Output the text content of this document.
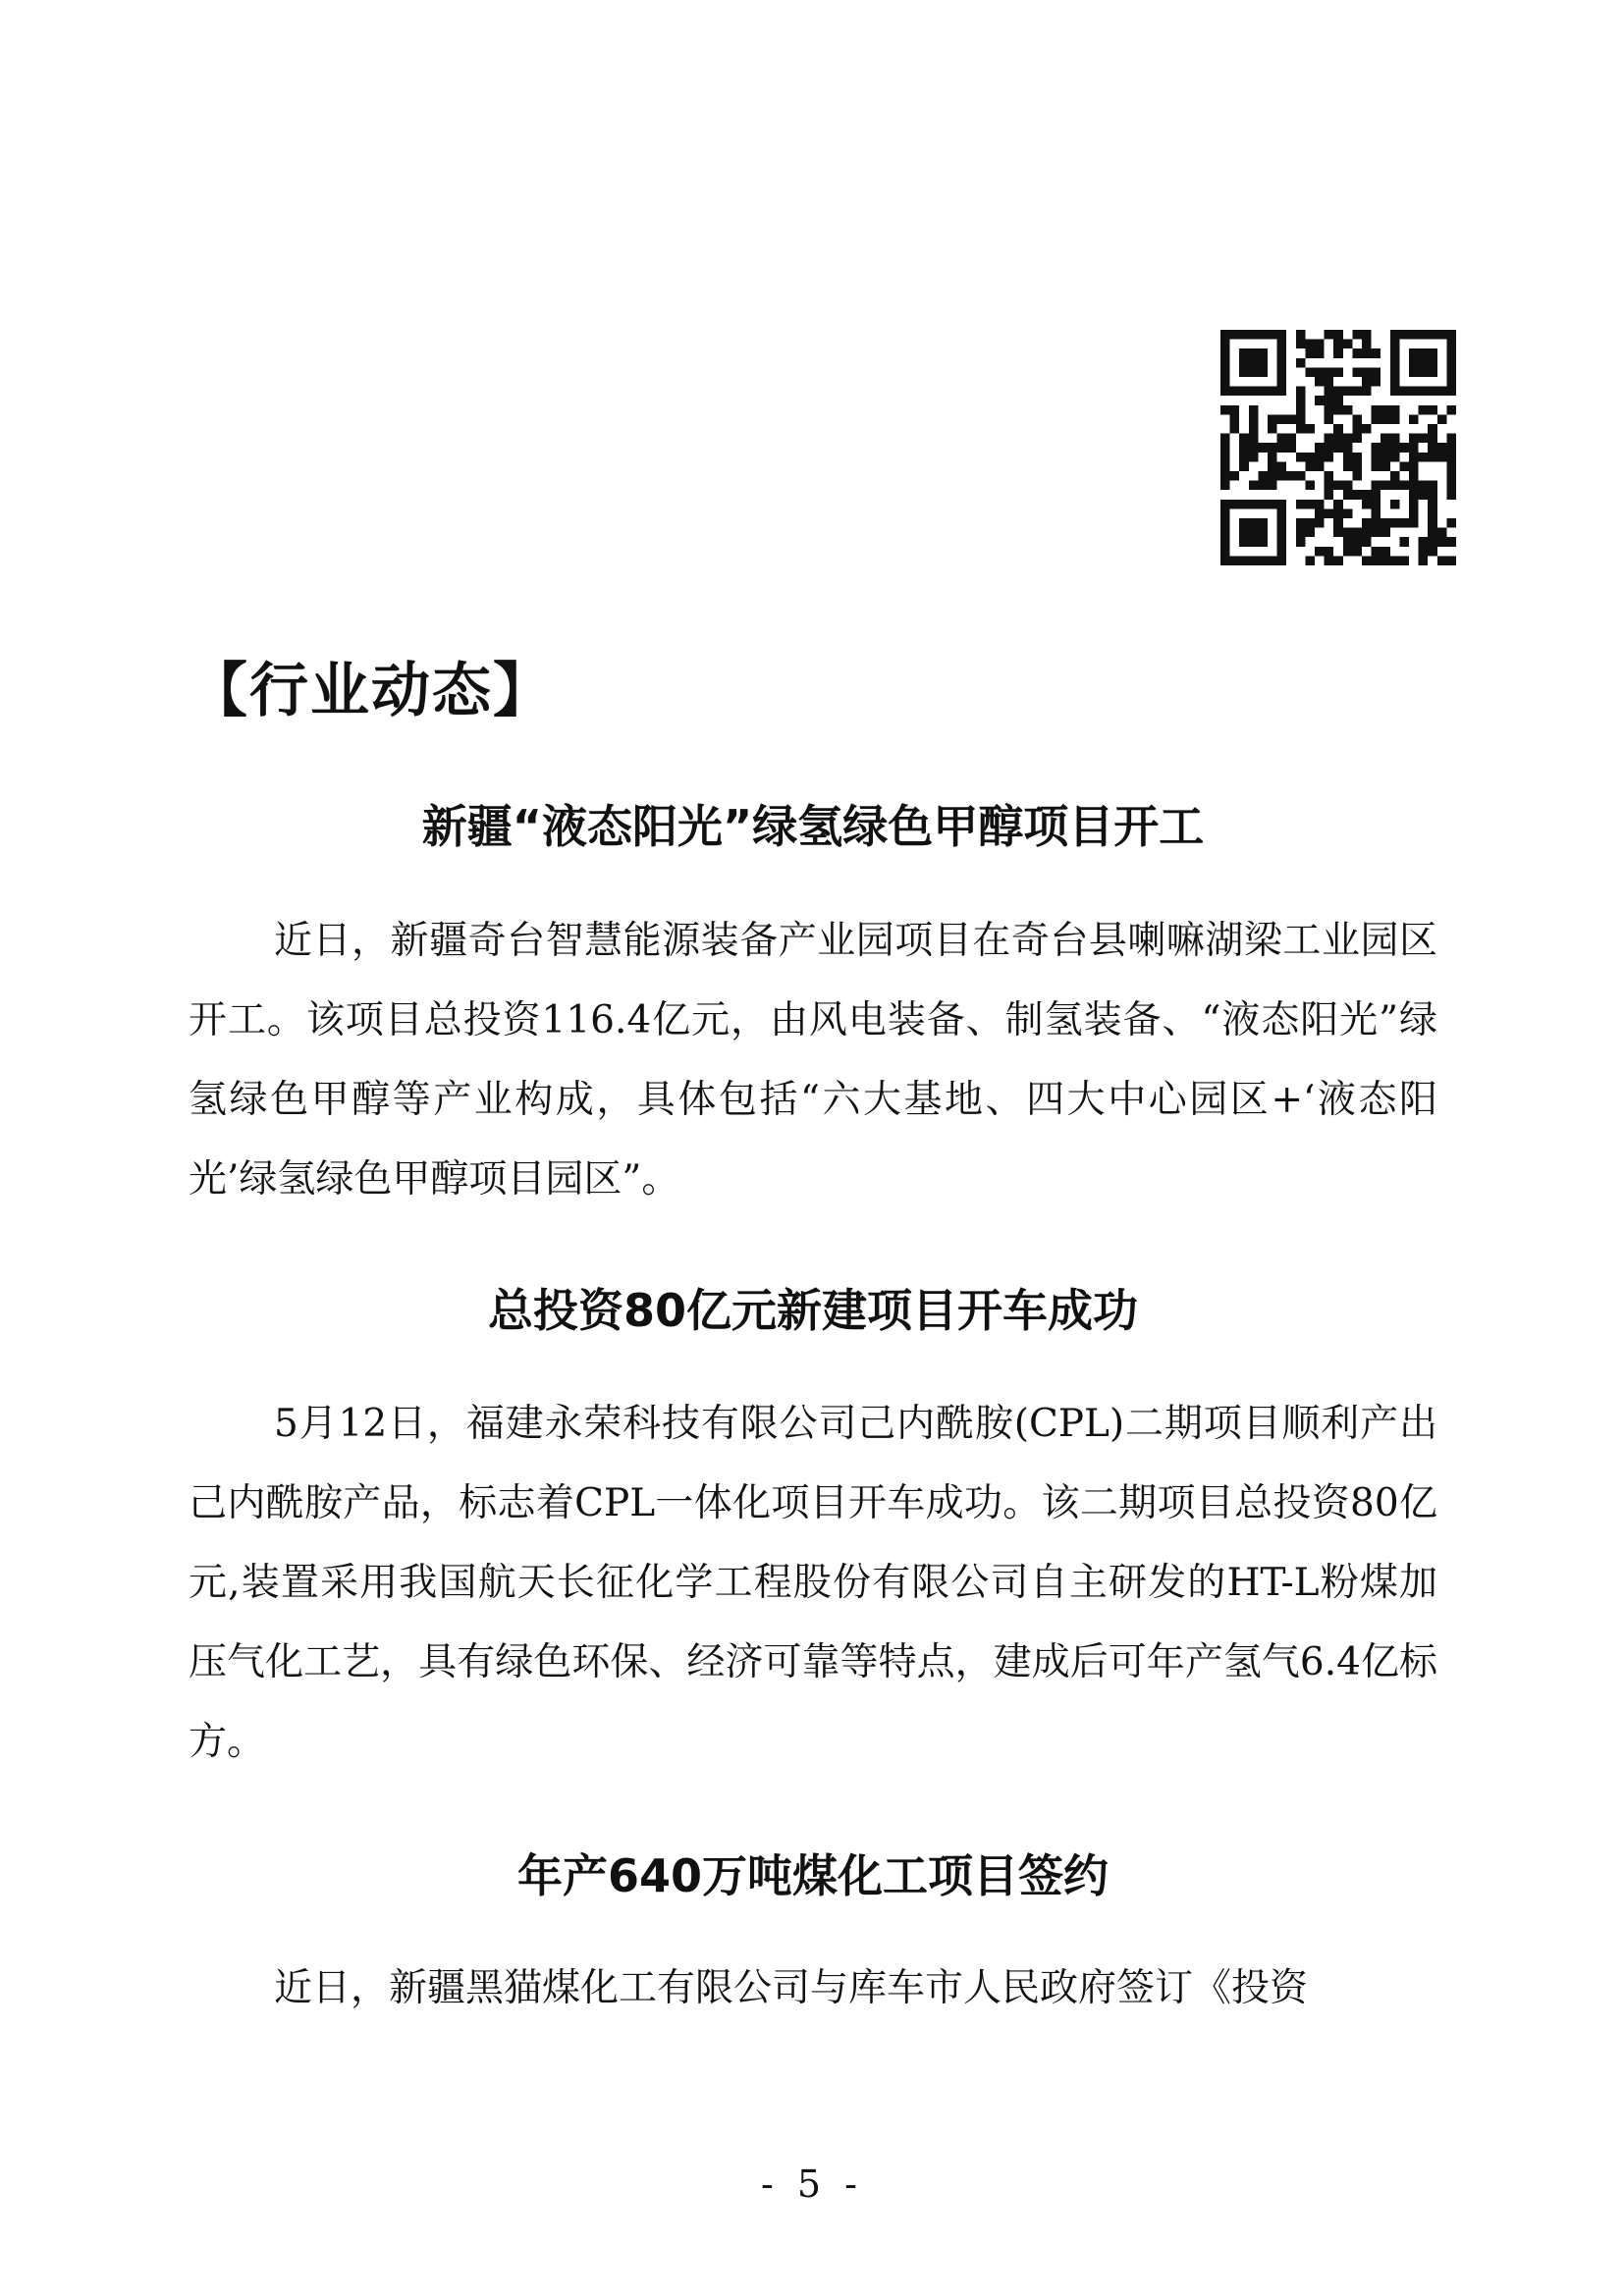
【行业动态】
新疆“液态阳光”绿氢绿色甲醇项目开工

近日，新疆奇台智慧能源装备产业园项目在奇台县喇嘛湖梁工业园区开工。该项目总投资116.4亿元，由风电装备、制氢装备、“液态阳光”绿氢绿色甲醇等产业构成，具体包括“六大基地、四大中心园区+‘液态阳光’绿氢绿色甲醇项目园区”。

总投资80亿元新建项目开车成功

5月12日，福建永荣科技有限公司己内酰胺(CPL)二期项目顺利产出己内酰胺产品，标志着CPL一体化项目开车成功。该二期项目总投资80亿元,装置采用我国航天长征化学工程股份有限公司自主研发的HT-L粉煤加压气化工艺，具有绿色环保、经济可靠等特点，建成后可年产氢气6.4亿标方。

年产640万吨煤化工项目签约

近日，新疆黑猫煤化工有限公司与库车市人民政府签订《投资

- 5 -
